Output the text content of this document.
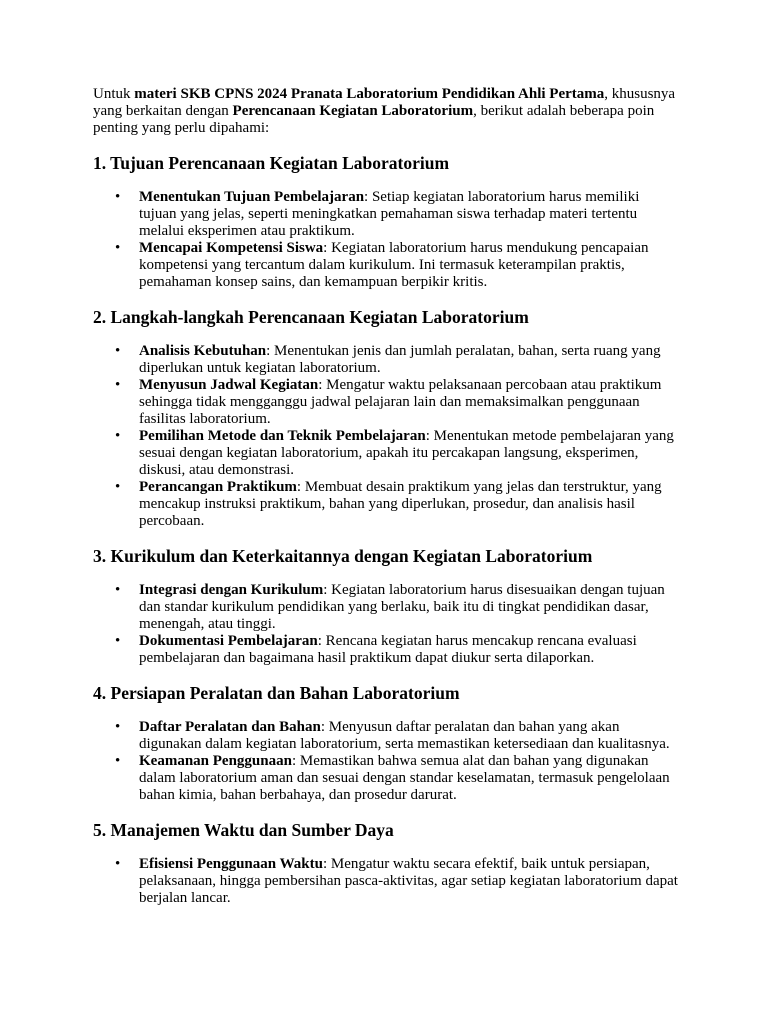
Untuk materi SKB CPNS 2024 Pranata Laboratorium Pendidikan Ahli Pertama, khususnya yang berkaitan dengan Perencanaan Kegiatan Laboratorium, berikut adalah beberapa poin penting yang perlu dipahami:

1. Tujuan Perencanaan Kegiatan Laboratorium
• Menentukan Tujuan Pembelajaran: Setiap kegiatan laboratorium harus memiliki tujuan yang jelas, seperti meningkatkan pemahaman siswa terhadap materi tertentu melalui eksperimen atau praktikum.
• Mencapai Kompetensi Siswa: Kegiatan laboratorium harus mendukung pencapaian kompetensi yang tercantum dalam kurikulum. Ini termasuk keterampilan praktis, pemahaman konsep sains, dan kemampuan berpikir kritis.
2. Langkah-langkah Perencanaan Kegiatan Laboratorium
• Analisis Kebutuhan: Menentukan jenis dan jumlah peralatan, bahan, serta ruang yang diperlukan untuk kegiatan laboratorium.
• Menyusun Jadwal Kegiatan: Mengatur waktu pelaksanaan percobaan atau praktikum sehingga tidak mengganggu jadwal pelajaran lain dan memaksimalkan penggunaan fasilitas laboratorium.
• Pemilihan Metode dan Teknik Pembelajaran: Menentukan metode pembelajaran yang sesuai dengan kegiatan laboratorium, apakah itu percakapan langsung, eksperimen, diskusi, atau demonstrasi.
• Perancangan Praktikum: Membuat desain praktikum yang jelas dan terstruktur, yang mencakup instruksi praktikum, bahan yang diperlukan, prosedur, dan analisis hasil percobaan.
3. Kurikulum dan Keterkaitannya dengan Kegiatan Laboratorium
• Integrasi dengan Kurikulum: Kegiatan laboratorium harus disesuaikan dengan tujuan dan standar kurikulum pendidikan yang berlaku, baik itu di tingkat pendidikan dasar, menengah, atau tinggi.
• Dokumentasi Pembelajaran: Rencana kegiatan harus mencakup rencana evaluasi pembelajaran dan bagaimana hasil praktikum dapat diukur serta dilaporkan.
4. Persiapan Peralatan dan Bahan Laboratorium
• Daftar Peralatan dan Bahan: Menyusun daftar peralatan dan bahan yang akan digunakan dalam kegiatan laboratorium, serta memastikan ketersediaan dan kualitasnya.
• Keamanan Penggunaan: Memastikan bahwa semua alat dan bahan yang digunakan dalam laboratorium aman dan sesuai dengan standar keselamatan, termasuk pengelolaan bahan kimia, bahan berbahaya, dan prosedur darurat.
5. Manajemen Waktu dan Sumber Daya
• Efisiensi Penggunaan Waktu: Mengatur waktu secara efektif, baik untuk persiapan, pelaksanaan, hingga pembersihan pasca-aktivitas, agar setiap kegiatan laboratorium dapat berjalan lancar.
